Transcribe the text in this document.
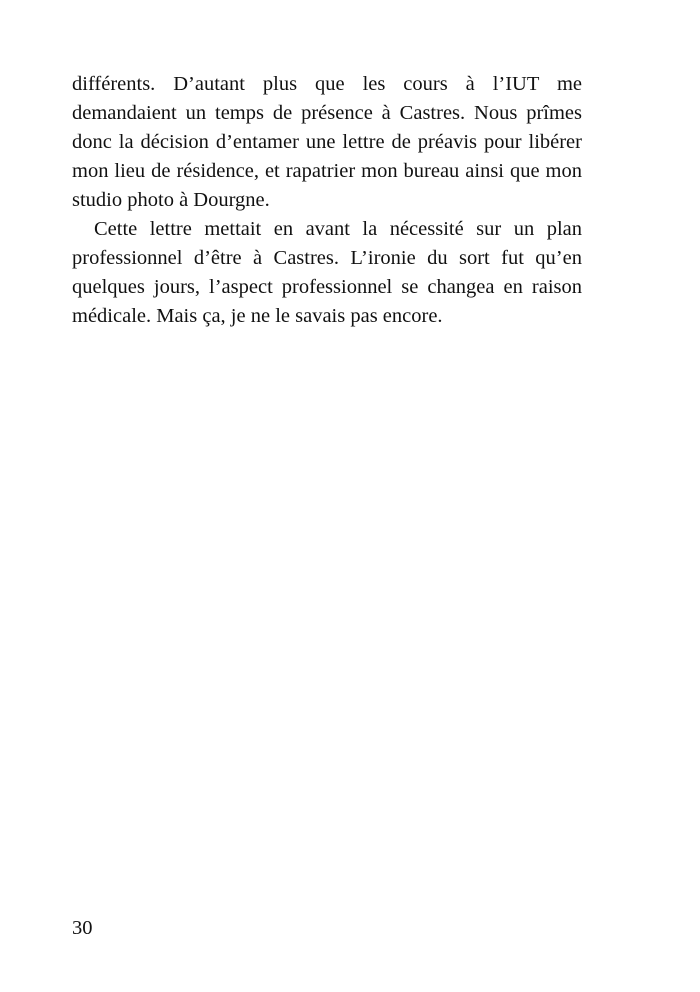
différents. D’autant plus que les cours à l’IUT me demandaient un temps de présence à Castres. Nous prîmes donc la décision d’entamer une lettre de préavis pour libérer mon lieu de résidence, et rapatrier mon bureau ainsi que mon studio photo à Dourgne.

Cette lettre mettait en avant la nécessité sur un plan professionnel d’être à Castres. L’ironie du sort fut qu’en quelques jours, l’aspect professionnel se changea en raison médicale. Mais ça, je ne le savais pas encore.

30
